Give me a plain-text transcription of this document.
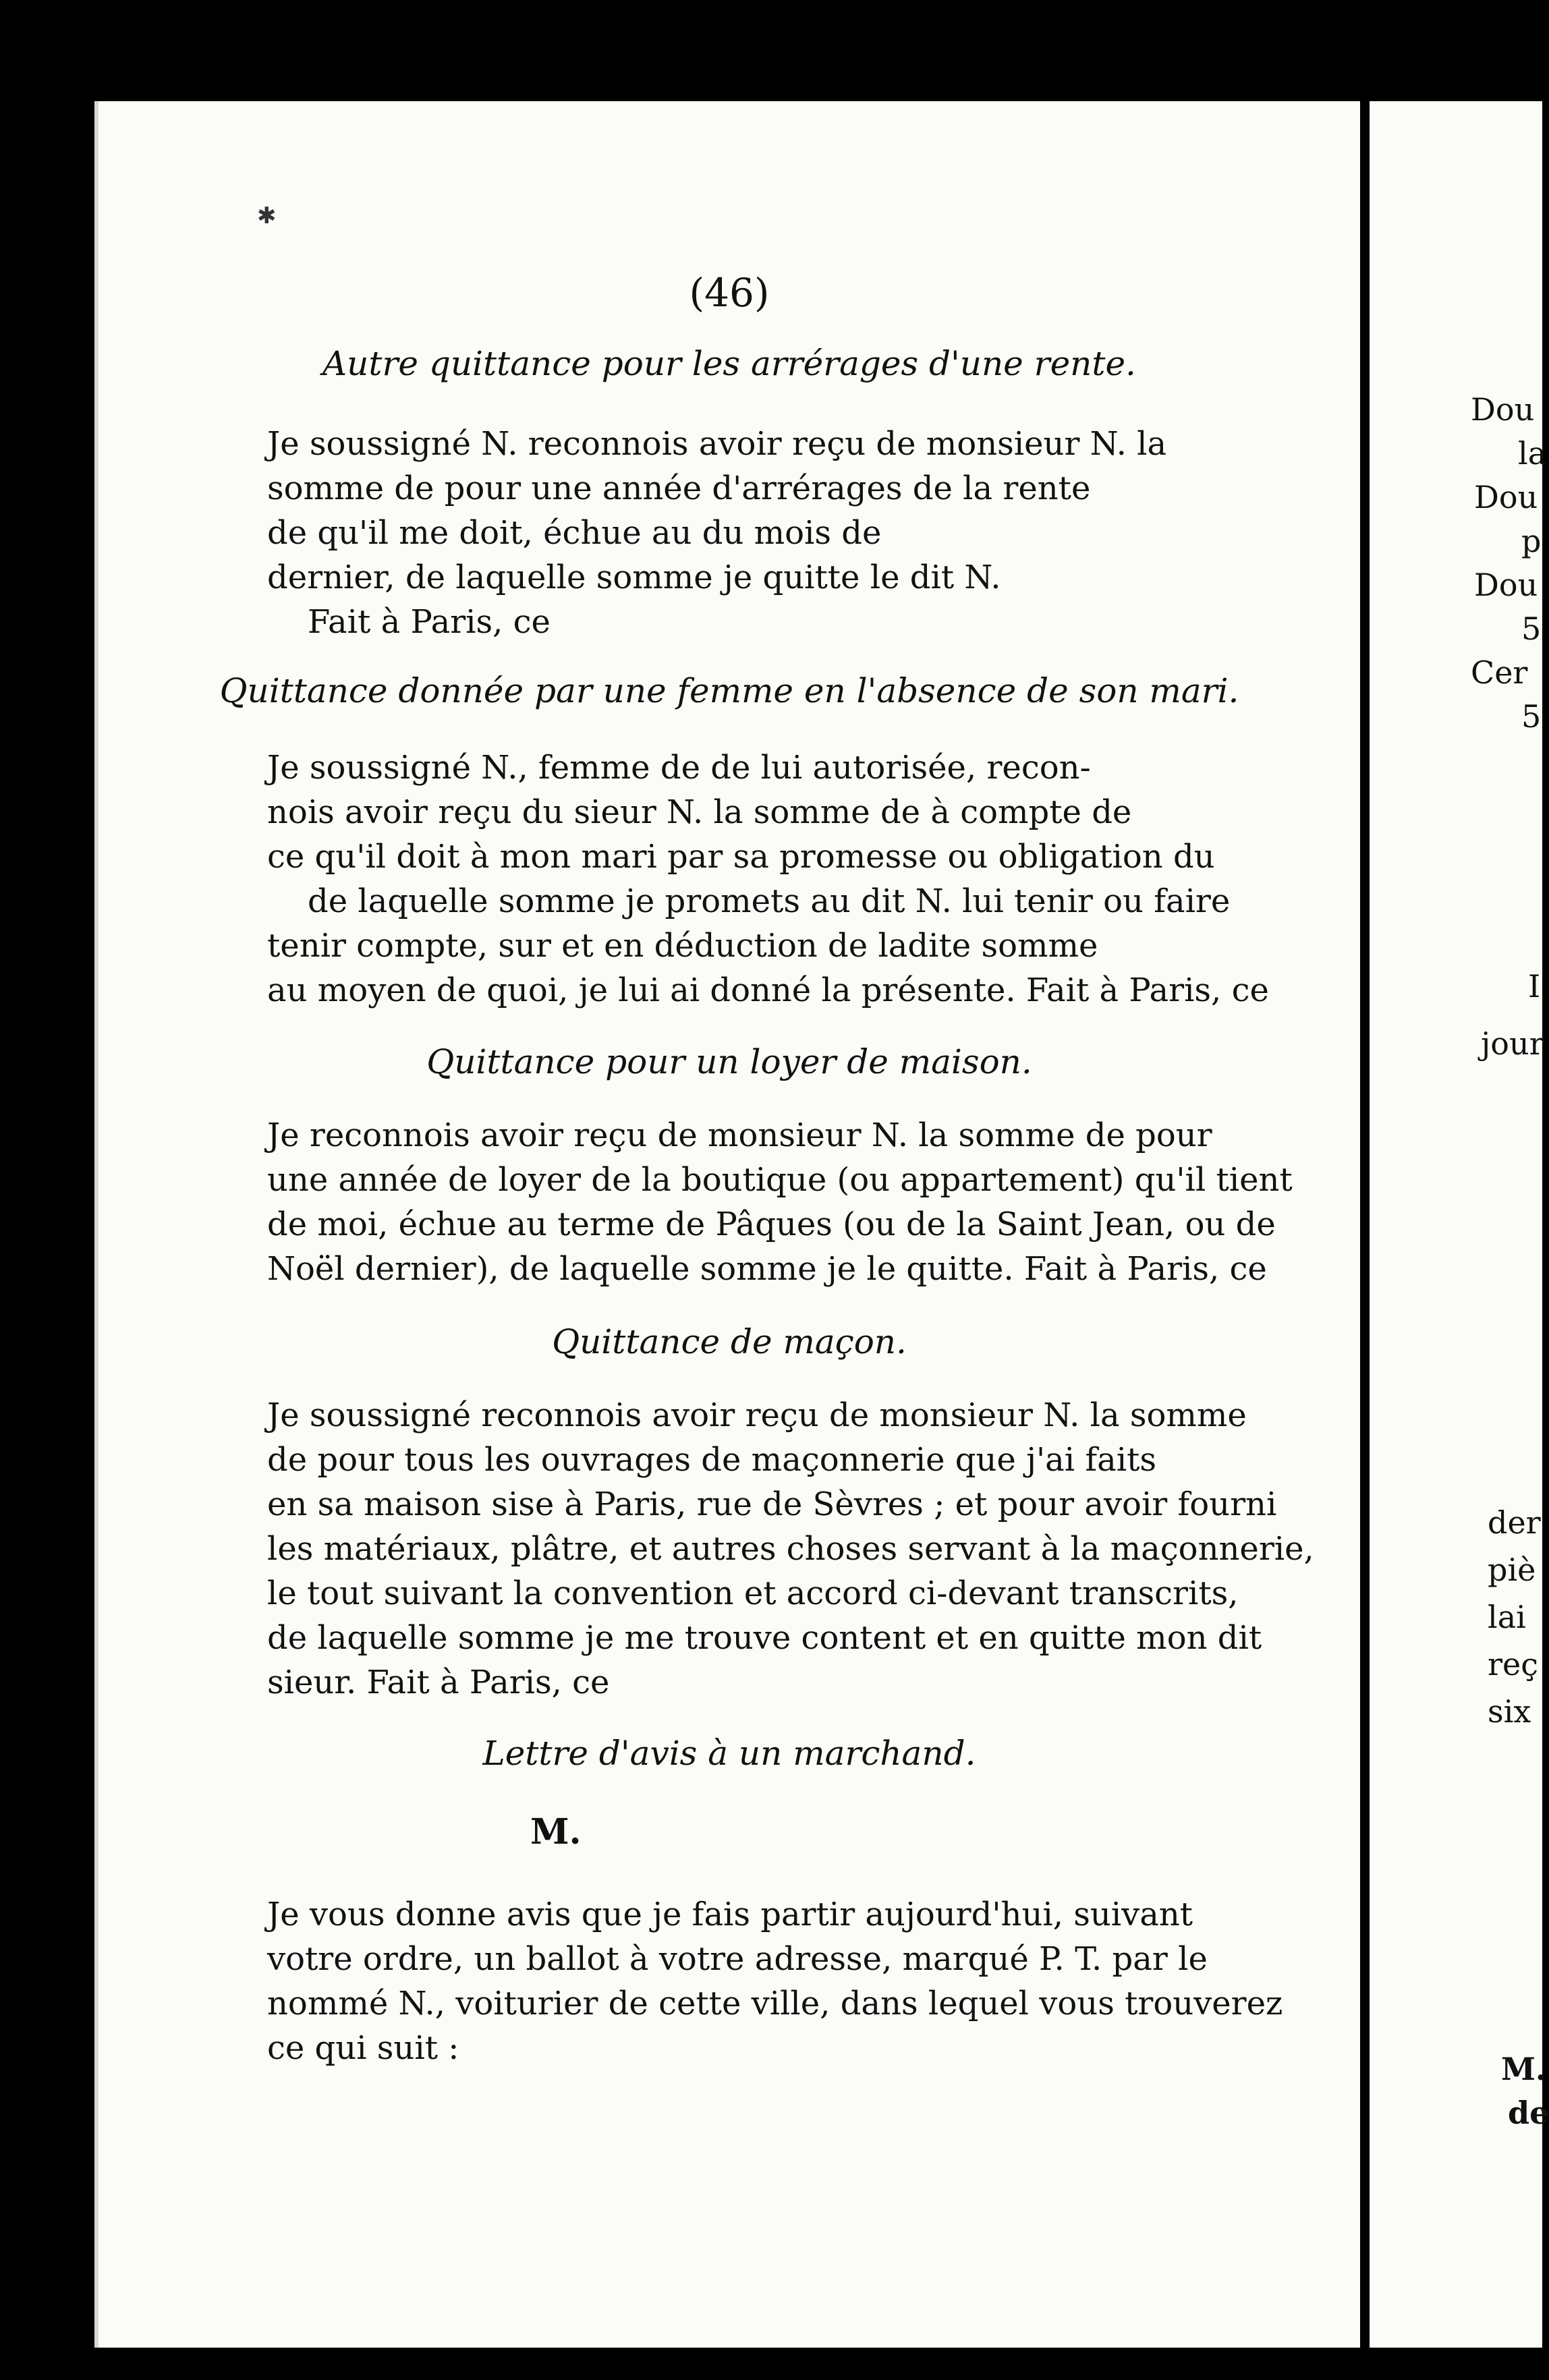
Dou
la
Dou
p
Dou
5
Cer
5
I
jour
der
piè
lai
reç
six
M.
de
✱
(46)
Autre quittance pour les arrérages d'une rente.
Je soussigné N. reconnois avoir reçu de monsieur N. la
somme de pour une année d'arrérages de la rente
de qu'il me doit, échue au du mois de
dernier, de laquelle somme je quitte le dit N.
Fait à Paris, ce
Quittance donnée par une femme en l'absence de son mari.
Je soussigné N., femme de de lui autorisée, recon-
nois avoir reçu du sieur N. la somme de à compte de
ce qu'il doit à mon mari par sa promesse ou obligation du
de laquelle somme je promets au dit N. lui tenir ou faire
tenir compte, sur et en déduction de ladite somme
au moyen de quoi, je lui ai donné la présente. Fait à Paris, ce
Quittance pour un loyer de maison.
Je reconnois avoir reçu de monsieur N. la somme de pour
une année de loyer de la boutique (ou appartement) qu'il tient
de moi, échue au terme de Pâques (ou de la Saint Jean, ou de
Noël dernier), de laquelle somme je le quitte. Fait à Paris, ce
Quittance de maçon.
Je soussigné reconnois avoir reçu de monsieur N. la somme
de pour tous les ouvrages de maçonnerie que j'ai faits
en sa maison sise à Paris, rue de Sèvres ; et pour avoir fourni
les matériaux, plâtre, et autres choses servant à la maçonnerie,
le tout suivant la convention et accord ci-devant transcrits,
de laquelle somme je me trouve content et en quitte mon dit
sieur. Fait à Paris, ce
Lettre d'avis à un marchand.
M.
Je vous donne avis que je fais partir aujourd'hui, suivant
votre ordre, un ballot à votre adresse, marqué P. T. par le
nommé N., voiturier de cette ville, dans lequel vous trouverez
ce qui suit :
